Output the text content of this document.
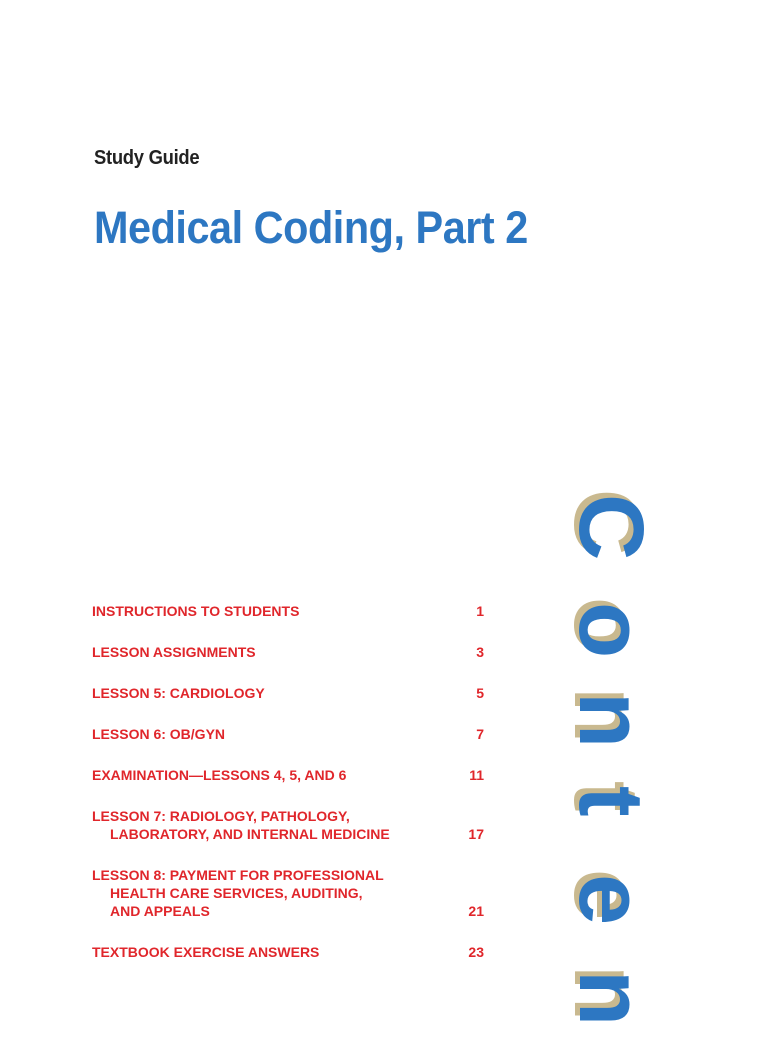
Study Guide
Medical Coding, Part 2
INSTRUCTIONS TO STUDENTS	1
LESSON ASSIGNMENTS	3
LESSON 5: CARDIOLOGY	5
LESSON 6: OB/GYN	7
EXAMINATION—LESSONS 4, 5, AND 6	11
LESSON 7: RADIOLOGY, PATHOLOGY,
LABORATORY, AND INTERNAL MEDICINE	17
LESSON 8: PAYMENT FOR PROFESSIONAL
HEALTH CARE SERVICES, AUDITING,
AND APPEALS	21
TEXTBOOK EXERCISE ANSWERS	23
C
o
n
t
e
n
